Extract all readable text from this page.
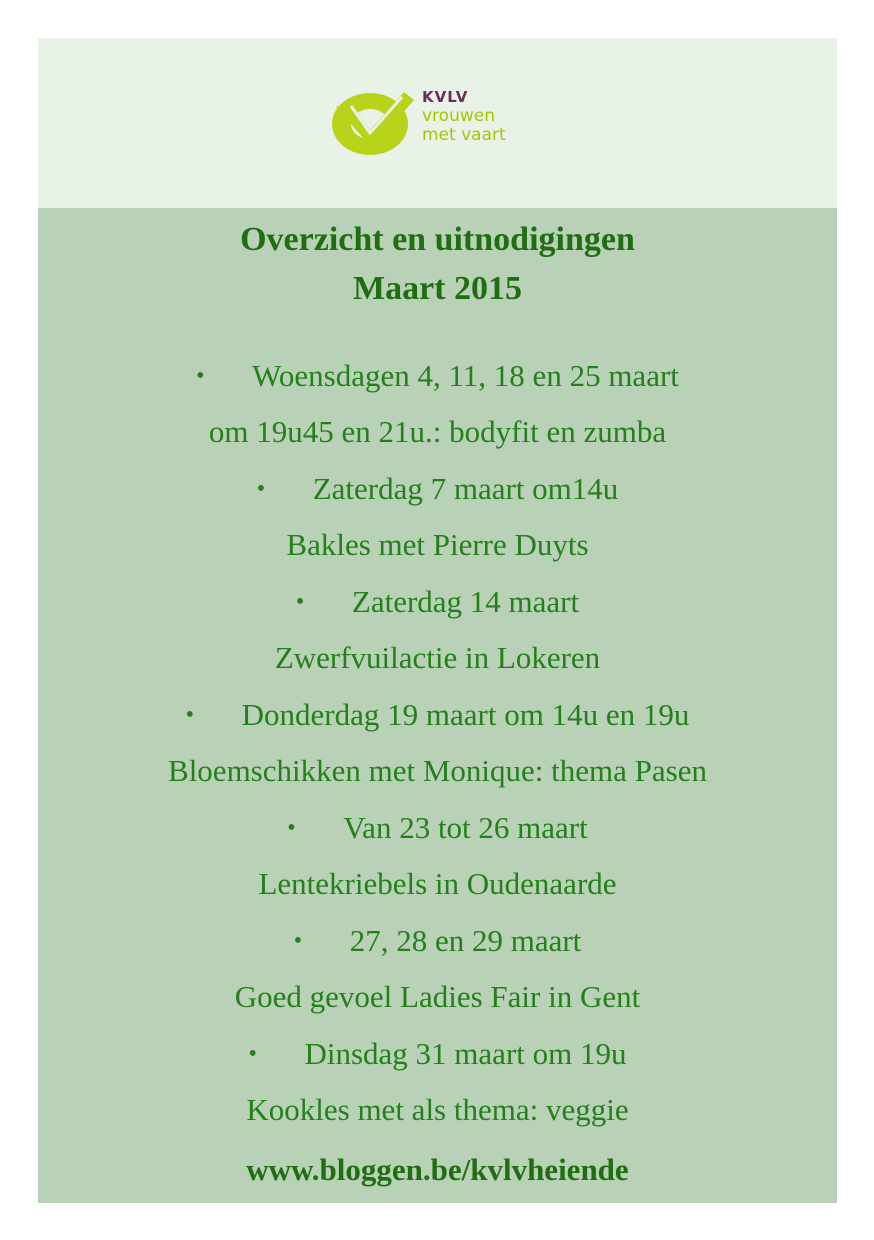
KVLV
vrouwen
met vaart
Overzicht en uitnodigingen
Maart 2015
• Woensdagen 4, 11, 18 en 25 maart
om 19u45 en 21u.: bodyfit en zumba
• Zaterdag 7 maart om14u
Bakles met Pierre Duyts
• Zaterdag 14 maart
Zwerfvuilactie in Lokeren
• Donderdag 19 maart om 14u en 19u
Bloemschikken met Monique: thema Pasen
• Van 23 tot 26 maart
Lentekriebels in Oudenaarde
• 27, 28 en 29 maart
Goed gevoel Ladies Fair in Gent
• Dinsdag 31 maart om 19u
Kookles met als thema: veggie
www.bloggen.be/kvlvheiende
